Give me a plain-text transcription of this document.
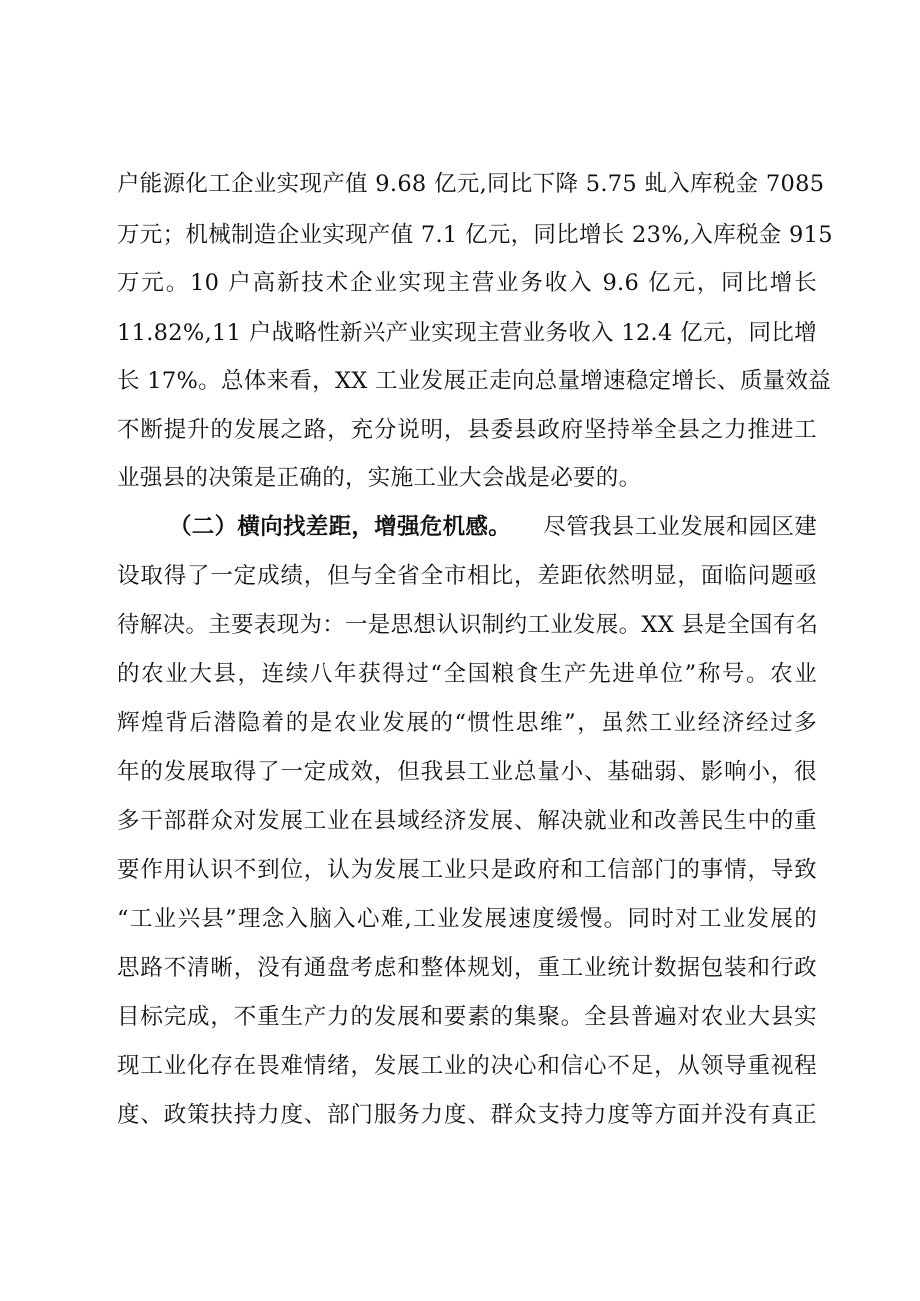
户能源化工企业实现产值 9.68 亿元,同比下降 5.75 虬入库税金 7085
万元；机械制造企业实现产值 7.1 亿元，同比增长 23%,入库税金 915
万元。10 户高新技术企业实现主营业务收入 9.6 亿元，同比增长
11.82%,11 户战略性新兴产业实现主营业务收入 12.4 亿元，同比增
长 17%。总体来看，XX 工业发展正走向总量增速稳定增长、质量效益
不断提升的发展之路，充分说明，县委县政府坚持举全县之力推进工
业强县的决策是正确的，实施工业大会战是必要的。
（二）横向找差距，增强危机感。 尽管我县工业发展和园区建
设取得了一定成绩，但与全省全市相比，差距依然明显，面临问题亟
待解决。主要表现为：一是思想认识制约工业发展。XX 县是全国有名
的农业大县，连续八年获得过“全国粮食生产先进单位”称号。农业
辉煌背后潜隐着的是农业发展的“惯性思维”，虽然工业经济经过多
年的发展取得了一定成效，但我县工业总量小、基础弱、影响小，很
多干部群众对发展工业在县域经济发展、解决就业和改善民生中的重
要作用认识不到位，认为发展工业只是政府和工信部门的事情，导致
“工业兴县”理念入脑入心难,工业发展速度缓慢。同时对工业发展的
思路不清晰，没有通盘考虑和整体规划，重工业统计数据包装和行政
目标完成，不重生产力的发展和要素的集聚。全县普遍对农业大县实
现工业化存在畏难情绪，发展工业的决心和信心不足，从领导重视程
度、政策扶持力度、部门服务力度、群众支持力度等方面并没有真正
